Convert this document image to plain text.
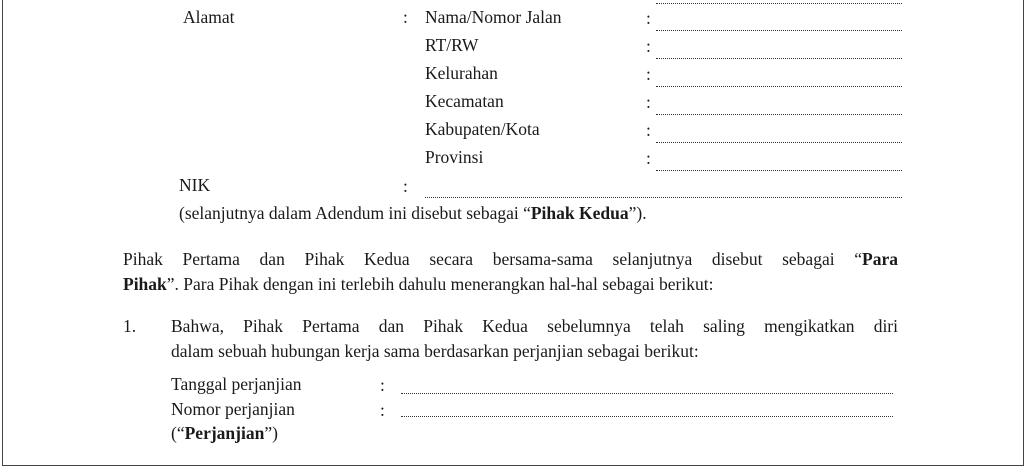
Alamat	: Nama/Nomor Jalan	:
RT/RW	:
Kelurahan	:
Kecamatan	:
Kabupaten/Kota	:
Provinsi	:
NIK	:
(selanjutnya dalam Adendum ini disebut sebagai “Pihak Kedua”).
Pihak Pertama dan Pihak Kedua secara bersama-sama selanjutnya disebut sebagai “Para
Pihak”. Para Pihak dengan ini terlebih dahulu menerangkan hal-hal sebagai berikut:
1. Bahwa, Pihak Pertama dan Pihak Kedua sebelumnya telah saling mengikatkan diri
dalam sebuah hubungan kerja sama berdasarkan perjanjian sebagai berikut:
Tanggal perjanjian	:
Nomor perjanjian	:
(“Perjanjian”)
